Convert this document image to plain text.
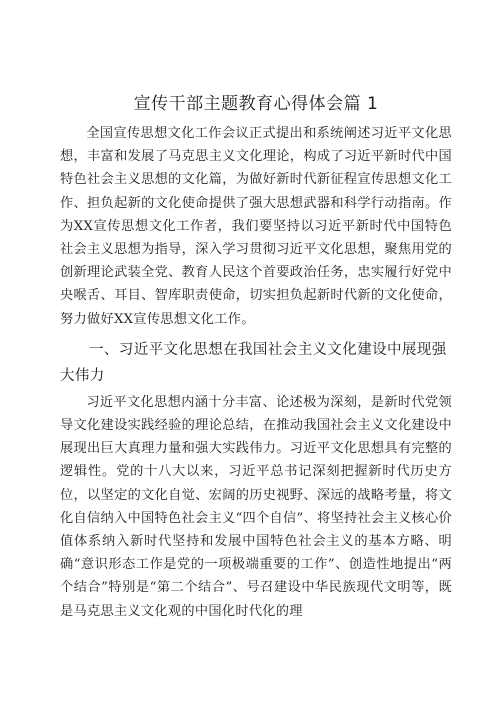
宣传干部主题教育心得体会篇 1

全国宣传思想文化工作会议正式提出和系统阐述习近平文化思想，丰富和发展了马克思主义文化理论，构成了习近平新时代中国特色社会主义思想的文化篇，为做好新时代新征程宣传思想文化工作、担负起新的文化使命提供了强大思想武器和科学行动指南。作为XX宣传思想文化工作者，我们要坚持以习近平新时代中国特色社会主义思想为指导，深入学习贯彻习近平文化思想，聚焦用党的创新理论武装全党、教育人民这个首要政治任务，忠实履行好党中央喉舌、耳目、智库职责使命，切实担负起新时代新的文化使命，努力做好XX宣传思想文化工作。

一、习近平文化思想在我国社会主义文化建设中展现强大伟力

习近平文化思想内涵十分丰富、论述极为深刻，是新时代党领导文化建设实践经验的理论总结，在推动我国社会主义文化建设中展现出巨大真理力量和强大实践伟力。习近平文化思想具有完整的逻辑性。党的十八大以来，习近平总书记深刻把握新时代历史方位，以坚定的文化自觉、宏阔的历史视野、深远的战略考量，将文化自信纳入中国特色社会主义“四个自信”、将坚持社会主义核心价值体系纳入新时代坚持和发展中国特色社会主义的基本方略、明确“意识形态工作是党的一项极端重要的工作”、创造性地提出“两个结合”特别是“第二个结合”、号召建设中华民族现代文明等，既是马克思主义文化观的中国化时代化的理
